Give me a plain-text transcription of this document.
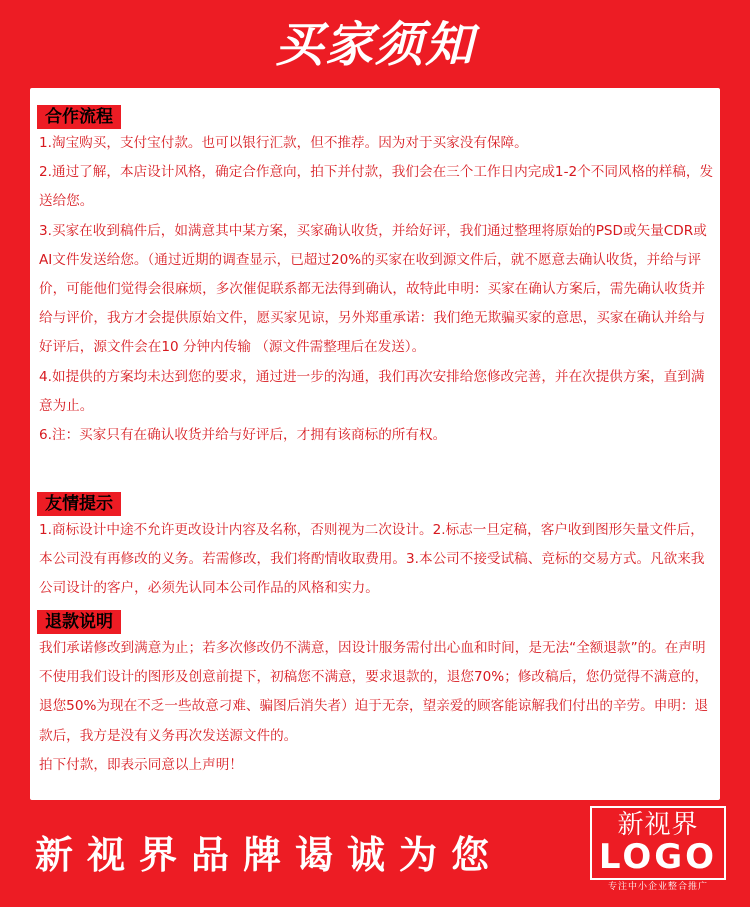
买家须知
合作流程
1.淘宝购买，支付宝付款。也可以银行汇款，但不推荐。因为对于买家没有保障。
2.通过了解，本店设计风格，确定合作意向，拍下并付款，我们会在三个工作日内完成1-2个不同风格的样稿，发送给您。
3.买家在收到稿件后，如满意其中某方案，买家确认收货，并给好评，我们通过整理将原始的PSD或矢量CDR或AI文件发送给您。（通过近期的调查显示，已超过20%的买家在收到源文件后，就不愿意去确认收货，并给与评价，可能他们觉得会很麻烦，多次催促联系都无法得到确认，故特此申明：买家在确认方案后，需先确认收货并给与评价，我方才会提供原始文件，愿买家见谅，另外郑重承诺：我们绝无欺骗买家的意思，买家在确认并给与好评后，源文件会在10 分钟内传输 （源文件需整理后在发送）。
4.如提供的方案均未达到您的要求，通过进一步的沟通，我们再次安排给您修改完善，并在次提供方案，直到满意为止。
6.注：买家只有在确认收货并给与好评后，才拥有该商标的所有权。
友情提示
1.商标设计中途不允许更改设计内容及名称，否则视为二次设计。2.标志一旦定稿，客户收到图形矢量文件后，本公司没有再修改的义务。若需修改，我们将酌情收取费用。3.本公司不接受试稿、竞标的交易方式。凡欲来我公司设计的客户，必须先认同本公司作品的风格和实力。
退款说明
我们承诺修改到满意为止；若多次修改仍不满意，因设计服务需付出心血和时间，是无法“全额退款”的。在声明不使用我们设计的图形及创意前提下，初稿您不满意，要求退款的，退您70%；修改稿后，您仍觉得不满意的，退您50%为现在不乏一些故意刁难、骗图后消失者）迫于无奈，望亲爱的顾客能谅解我们付出的辛劳。申明：退款后，我方是没有义务再次发送源文件的。
拍下付款，即表示同意以上声明！
新视界品牌谒诚为您
新视界
LOGO
专注中小企业整合推广
